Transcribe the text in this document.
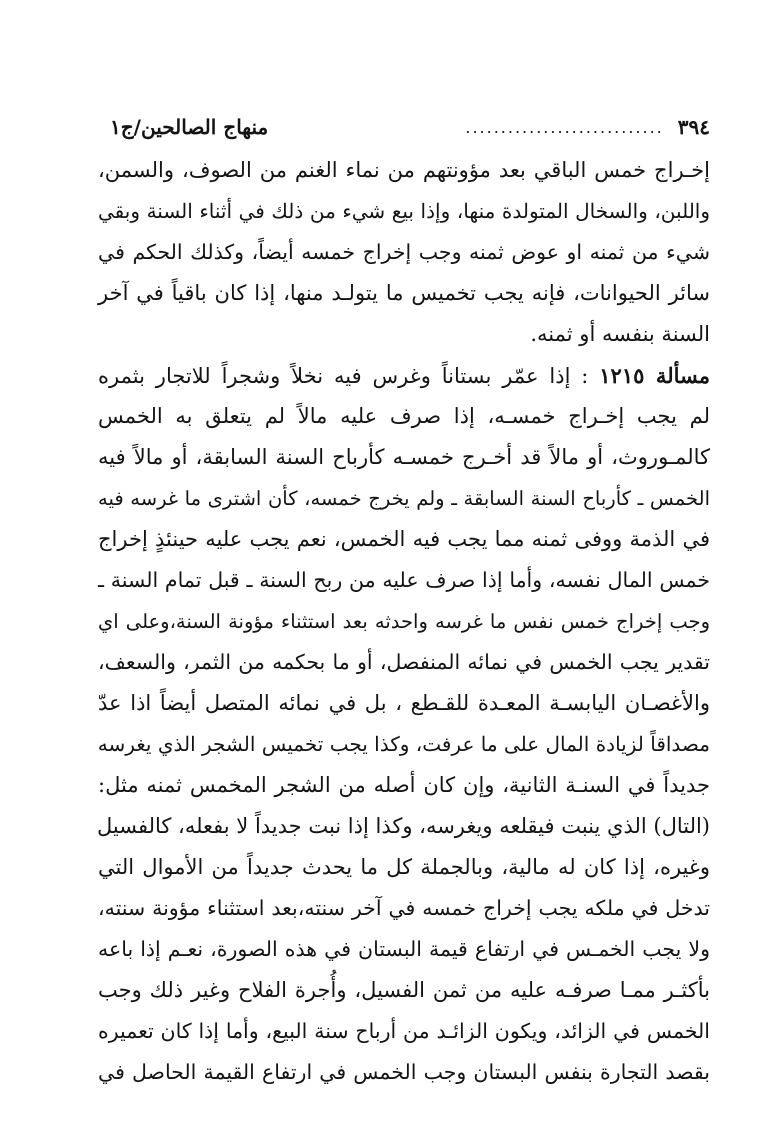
٣٩٤
............................
منهاج الصالحين/ج١
إخـراج خمس الباقي بعد مؤونتهم من نماء الغنم من الصوف، والسمن،
واللبن، والسخال المتولدة منها، وإذا بيع شيء من ذلك في أثناء السنة وبقي
شيء من ثمنه او عوض ثمنه وجب إخراج خمسه أيضاً، وكذلك الحكم في
سائر الحيوانات، فإنه يجب تخميس ما يتولـد منها، إذا كان باقياً في آخر
السنة بنفسه أو ثمنه.
مسألة ١٢١٥ : إذا عمّر بستاناً وغرس فيه نخلاً وشجراً للاتجار بثمره
لم يجب إخـراج خمسـه، إذا صرف عليه مالاً لم يتعلق به الخمس
كالمـوروث، أو مالاً قد أخـرج خمسـه كأرباح السنة السابقة، أو مالاً فيه
الخمس ـ كأرباح السنة السابقة ـ ولم يخرج خمسه، كأن اشترى ما غرسه فيه
في الذمة ووفى ثمنه مما يجب فيه الخمس، نعم يجب عليه حينئذٍ إخراج
خمس المال نفسه، وأما إذا صرف عليه من ربح السنة ـ قبل تمام السنة ـ
وجب إخراج خمس نفس ما غرسه واحدثه بعد استثناء مؤونة السنة،وعلى اي
تقدير يجب الخمس في نمائه المنفصل، أو ما بحكمه من الثمر، والسعف،
والأغصـان اليابسـة المعـدة للقـطع ، بل في نمائه المتصل أيضاً اذا عدّ
مصداقاً لزيادة المال على ما عرفت، وكذا يجب تخميس الشجر الذي يغرسه
جديداً في السنـة الثانية، وإن كان أصله من الشجر المخمس ثمنه مثل:
(التال) الذي ينبت فيقلعه ويغرسه، وكذا إذا نبت جديداً لا بفعله، كالفسيل
وغيره، إذا كان له مالية، وبالجملة كل ما يحدث جديداً من الأموال التي
تدخل في ملكه يجب إخراج خمسه في آخر سنته،بعد استثناء مؤونة سنته،
ولا يجب الخمـس في ارتفاع قيمة البستان في هذه الصورة، نعـم إذا باعه
بأكثـر ممـا صرفـه عليه من ثمن الفسيل، وأُجرة الفلاح وغير ذلك وجب
الخمس في الزائد، ويكون الزائـد من أرباح سنة البيع، وأما إذا كان تعميره
بقصد التجارة بنفس البستان وجب الخمس في ارتفاع القيمة الحاصل في
